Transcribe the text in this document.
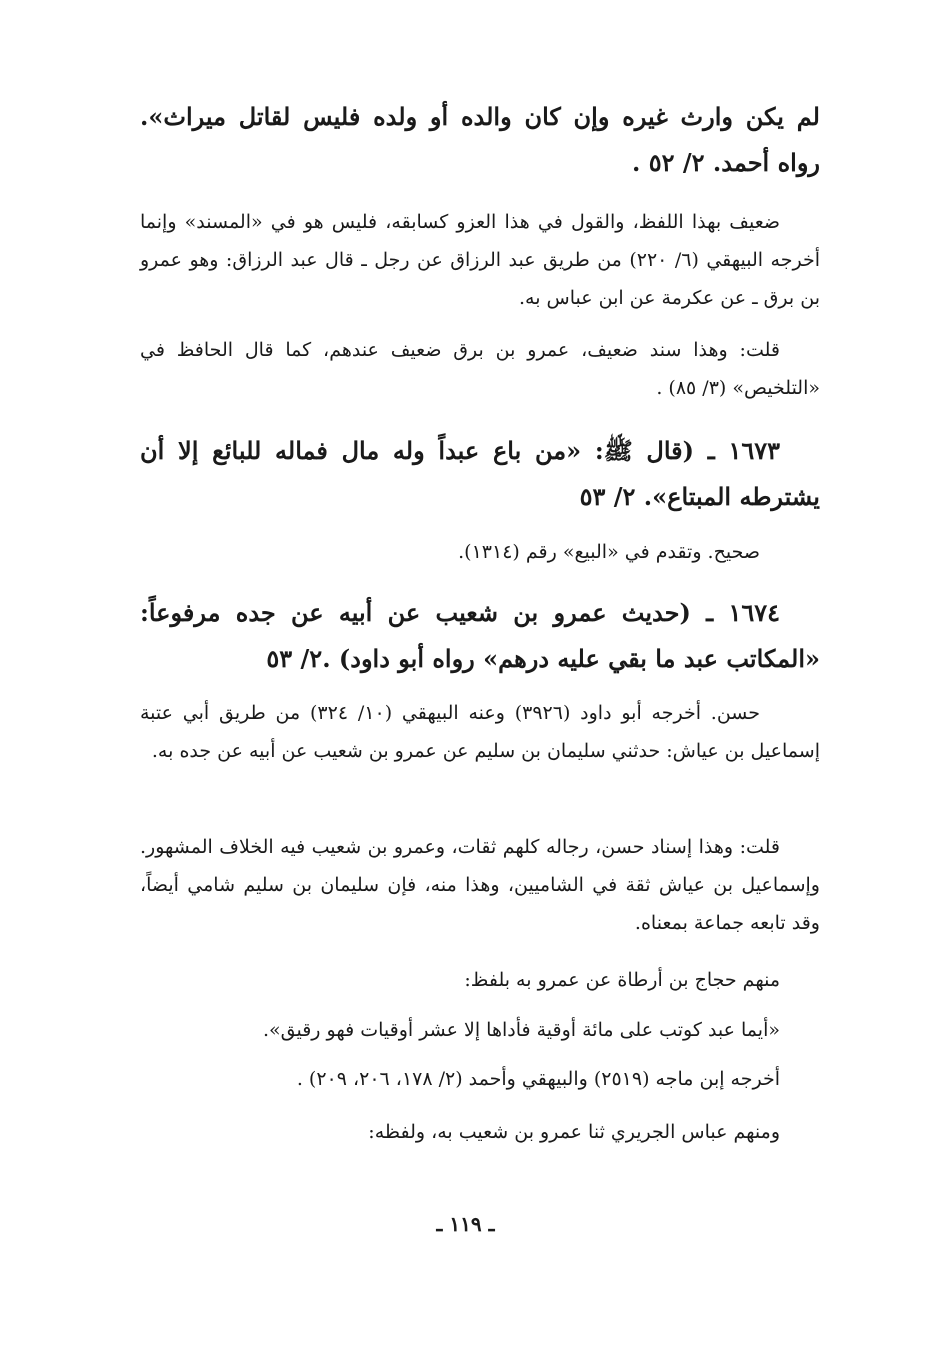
لم يكن وارث غيره وإن كان والده أو ولده فليس لقاتل ميراث». رواه أحمد. ٢/ ٥٢ .
ضعيف بهذا اللفظ، والقول في هذا العزو كسابقه، فليس هو في «المسند» وإنما أخرجه البيهقي (٦/ ٢٢٠) من طريق عبد الرزاق عن رجل ـ قال عبد الرزاق: وهو عمرو بن برق ـ عن عكرمة عن ابن عباس به.
قلت: وهذا سند ضعيف، عمرو بن برق ضعيف عندهم، كما قال الحافظ في «التلخيص» (٣/ ٨٥) .
١٦٧٣ ـ (قال ﷺ: «من باع عبداً وله مال فماله للبائع إلا أن يشترطه المبتاع». ٢/ ٥٣
صحيح. وتقدم في «البيع» رقم (١٣١٤).
١٦٧٤ ـ (حديث عمرو بن شعيب عن أبيه عن جده مرفوعاً: «المكاتب عبد ما بقي عليه درهم» رواه أبو داود) .٢/ ٥٣
حسن. أخرجه أبو داود (٣٩٢٦) وعنه البيهقي (١٠/ ٣٢٤) من طريق أبي عتبة إسماعيل بن عياش: حدثني سليمان بن سليم عن عمرو بن شعيب عن أبيه عن جده به.
قلت: وهذا إسناد حسن، رجاله كلهم ثقات، وعمرو بن شعيب فيه الخلاف المشهور. وإسماعيل بن عياش ثقة في الشاميين، وهذا منه، فإن سليمان بن سليم شامي أيضاً، وقد تابعه جماعة بمعناه.
منهم حجاج بن أرطاة عن عمرو به بلفظ:
«أيما عبد كوتب على مائة أوقية فأداها إلا عشر أوقيات فهو رقيق».
أخرجه إبن ماجه (٢٥١٩) والبيهقي وأحمد (٢/ ١٧٨، ٢٠٦، ٢٠٩) .
ومنهم عباس الجريري ثنا عمرو بن شعيب به، ولفظه:
ـ ١١٩ ـ
